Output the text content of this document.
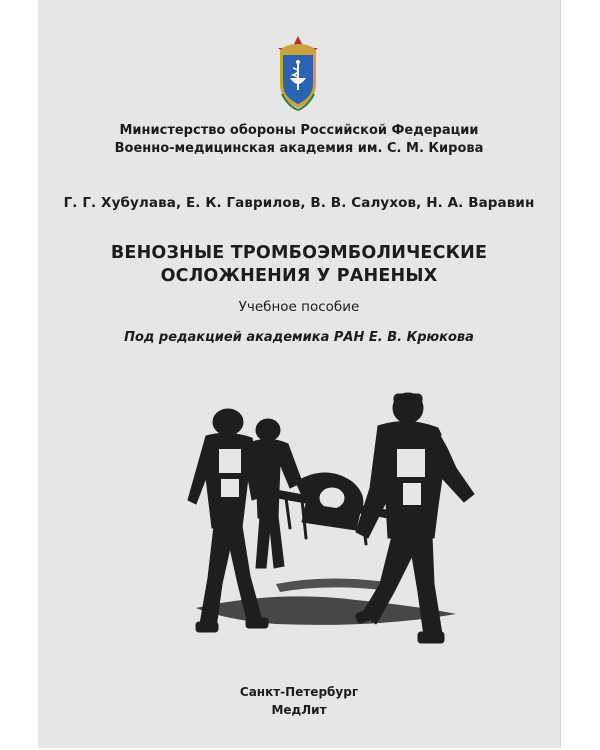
Министерство обороны Российской Федерации
Военно-медицинская академия им. С. М. Кирова
Г. Г. Хубулава, Е. К. Гаврилов, В. В. Салухов, Н. А. Варавин
ВЕНОЗНЫЕ ТРОМБОЭМБОЛИЧЕСКИЕ
ОСЛОЖНЕНИЯ У РАНЕНЫХ
Учебное пособие
Под редакцией академика РАН Е. В. Крюкова
Санкт-Петербург
МедЛит
